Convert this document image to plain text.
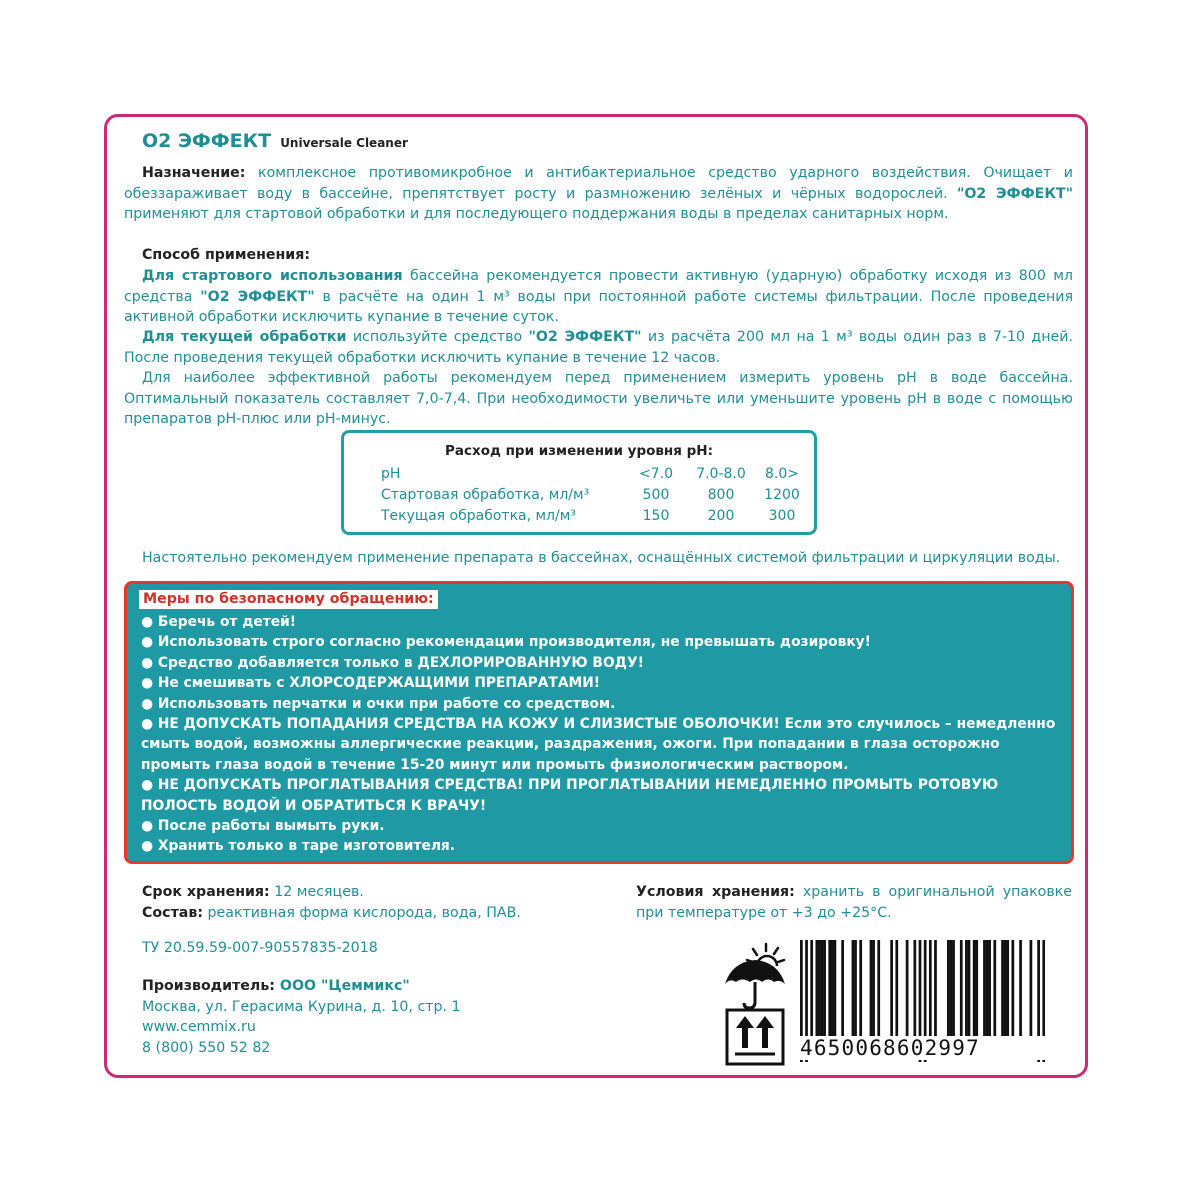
O2 ЭФФЕКТ Universale Cleaner

Назначение: комплексное противомикробное и антибактериальное средство ударного воздействия. Очищает и обеззараживает воду в бассейне, препятствует росту и размножению зелёных и чёрных водорослей. "О2 ЭФФЕКТ" применяют для стартовой обработки и для последующего поддержания воды в пределах санитарных норм.

Способ применения:

Для стартового использования бассейна рекомендуется провести активную (ударную) обработку исходя из 800 мл средства "О2 ЭФФЕКТ" в расчёте на один 1 м³ воды при постоянной работе системы фильтрации. После проведения активной обработки исключить купание в течение суток.

Для текущей обработки используйте средство "О2 ЭФФЕКТ" из расчёта 200 мл на 1 м³ воды один раз в 7-10 дней. После проведения текущей обработки исключить купание в течение 12 часов.

Для наиболее эффективной работы рекомендуем перед применением измерить уровень pH в воде бассейна. Оптимальный показатель составляет 7,0-7,4. При необходимости увеличьте или уменьшите уровень pH в воде с помощью препаратов pH-плюс или pH-минус.

Расход при изменении уровня pH:
pH	<7.0	7.0-8.0	8.0>
Стартовая обработка, мл/м³	500	800	1200
Текущая обработка, мл/м³	150	200	300

Настоятельно рекомендуем применение препарата в бассейнах, оснащённых системой фильтрации и циркуляции воды.

Меры по безопасному обращению:
● Беречь от детей!
● Использовать строго согласно рекомендации производителя, не превышать дозировку!
● Средство добавляется только в ДЕХЛОРИРОВАННУЮ ВОДУ!
● Не смешивать с ХЛОРСОДЕРЖАЩИМИ ПРЕПАРАТАМИ!
● Использовать перчатки и очки при работе со средством.
● НЕ ДОПУСКАТЬ ПОПАДАНИЯ СРЕДСТВА НА КОЖУ И СЛИЗИСТЫЕ ОБОЛОЧКИ! Если это случилось – немедленно смыть водой, возможны аллергические реакции, раздражения, ожоги. При попадании в глаза осторожно промыть глаза водой в течение 15-20 минут или промыть физиологическим раствором.
● НЕ ДОПУСКАТЬ ПРОГЛАТЫВАНИЯ СРЕДСТВА! ПРИ ПРОГЛАТЫВАНИИ НЕМЕДЛЕННО ПРОМЫТЬ РОТОВУЮ ПОЛОСТЬ ВОДОЙ И ОБРАТИТЬСЯ К ВРАЧУ!
● После работы вымыть руки.
● Хранить только в таре изготовителя.

Срок хранения: 12 месяцев.

Состав: реактивная форма кислорода, вода, ПАВ.

Условия хранения: хранить в оригинальной упаковке при температуре от +3 до +25°С.

ТУ 20.59.59-007-90557835-2018

Производитель: ООО "Цеммикс"

Москва, ул. Герасима Курина, д. 10, стр. 1

www.cemmix.ru

8 (800) 550 52 82	4650068602997
